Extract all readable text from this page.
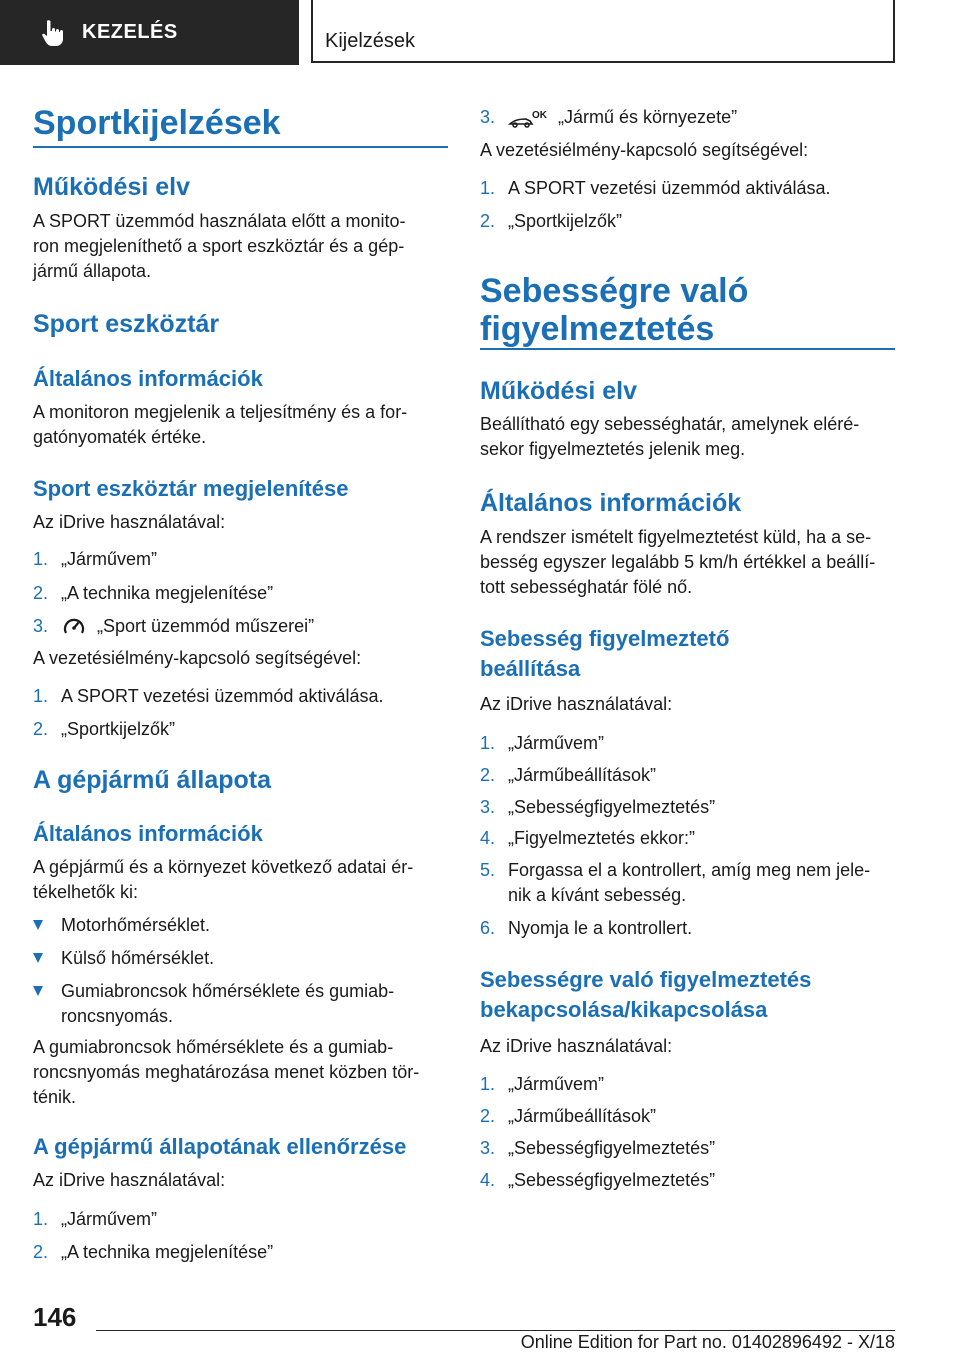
KEZELÉS	Kijelzések
Sportkijelzések
Működési elv
A SPORT üzemmód használata előtt a monito-
ron megjeleníthető a sport eszköztár és a gép-
jármű állapota.
Sport eszköztár
Általános információk
A monitoron megjelenik a teljesítmény és a for-
gatónyomaték értéke.
Sport eszköztár megjelenítése
Az iDrive használatával:
1. „Járművem”
2. „A technika megjelenítése”
3.	„Sport üzemmód műszerei”
A vezetésiélmény-kapcsoló segítségével:
1. A SPORT vezetési üzemmód aktiválása.
2. „Sportkijelzők”
A gépjármű állapota
Általános információk
A gépjármű és a környezet következő adatai ér-
tékelhetők ki:
Motorhőmérséklet.
Külső hőmérséklet.
Gumiabroncsok hőmérséklete és gumiab-
roncsnyomás.
A gumiabroncsok hőmérséklete és a gumiab-
roncsnyomás meghatározása menet közben tör-
ténik.
A gépjármű állapotának ellenőrzése
Az iDrive használatával:
1. „Járművem”
2. „A technika megjelenítése”
3.	OK „Jármű és környezete”
A vezetésiélmény-kapcsoló segítségével:
1. A SPORT vezetési üzemmód aktiválása.
2. „Sportkijelzők”
Sebességre való
figyelmeztetés
Működési elv
Beállítható egy sebességhatár, amelynek eléré-
sekor figyelmeztetés jelenik meg.
Általános információk
A rendszer ismételt figyelmeztetést küld, ha a se-
besség egyszer legalább 5 km/h értékkel a beállí-
tott sebességhatár fölé nő.
Sebesség figyelmeztető
beállítása
Az iDrive használatával:
1. „Járművem”
2. „Járműbeállítások”
3. „Sebességfigyelmeztetés”
4. „Figyelmeztetés ekkor:”
5. Forgassa el a kontrollert, amíg meg nem jele-
nik a kívánt sebesség.
6. Nyomja le a kontrollert.
Sebességre való figyelmeztetés
bekapcsolása/kikapcsolása
Az iDrive használatával:
1. „Járművem”
2. „Járműbeállítások”
3. „Sebességfigyelmeztetés”
4. „Sebességfigyelmeztetés”
146
Online Edition for Part no. 01402896492 - X/18
